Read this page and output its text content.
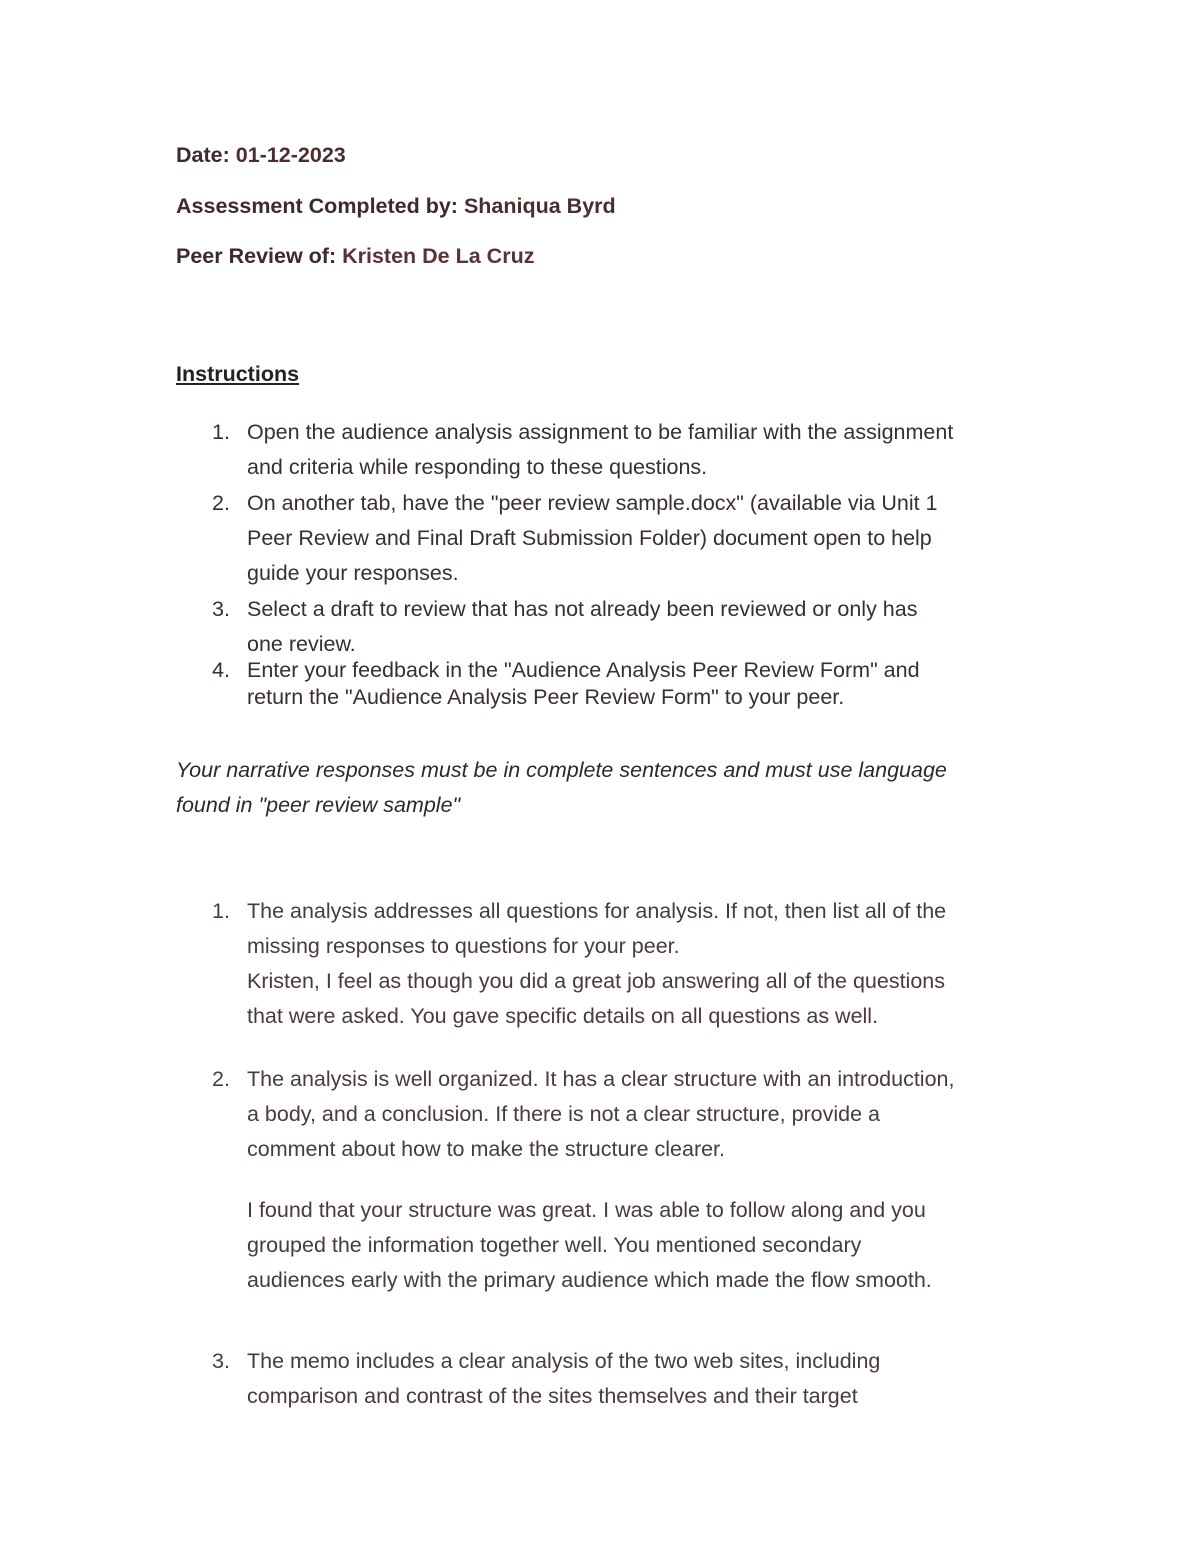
Date: 01-12-2023
Assessment Completed by: Shaniqua Byrd
Peer Review of: Kristen De La Cruz
Instructions
1. Open the audience analysis assignment to be familiar with the assignment
and criteria while responding to these questions.
2. On another tab, have the "peer review sample.docx" (available via Unit 1
Peer Review and Final Draft Submission Folder) document open to help
guide your responses.
3. Select a draft to review that has not already been reviewed or only has
one review.
4. Enter your feedback in the "Audience Analysis Peer Review Form" and
return the "Audience Analysis Peer Review Form" to your peer.
Your narrative responses must be in complete sentences and must use language
found in "peer review sample"
1. The analysis addresses all questions for analysis. If not, then list all of the
missing responses to questions for your peer.
Kristen, I feel as though you did a great job answering all of the questions
that were asked. You gave specific details on all questions as well.
2. The analysis is well organized. It has a clear structure with an introduction,
a body, and a conclusion. If there is not a clear structure, provide a
comment about how to make the structure clearer.
I found that your structure was great. I was able to follow along and you
grouped the information together well. You mentioned secondary
audiences early with the primary audience which made the flow smooth.
3. The memo includes a clear analysis of the two web sites, including
comparison and contrast of the sites themselves and their target
